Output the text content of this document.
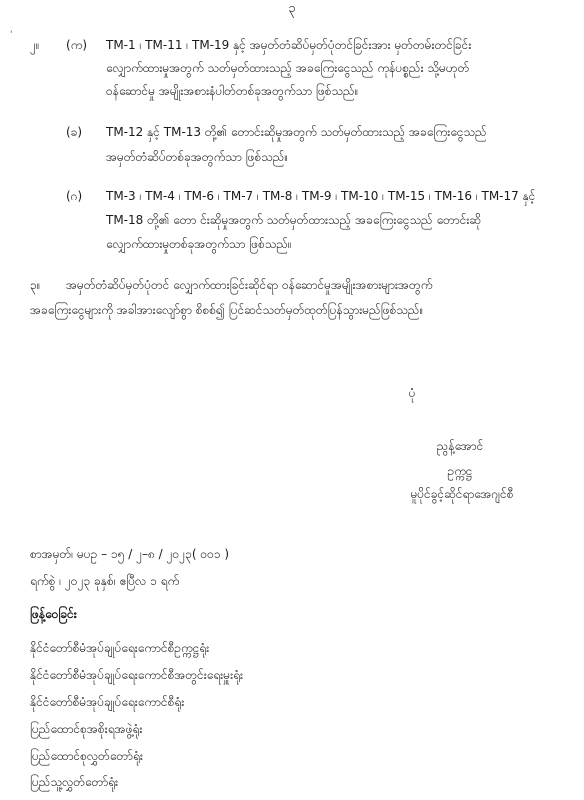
၃
'
၂။ (က) TM-1 ၊ TM-11 ၊ TM-19 နှင့် အမှတ်တံဆိပ်မှတ်ပုံတင်ခြင်းအား မှတ်တမ်းတင်ခြင်း
လျှောက်ထားမှုအတွက် သတ်မှတ်ထားသည့် အခကြေးငွေသည် ကုန်ပစ္စည်း သို့မဟုတ်
ဝန်ဆောင်မှု အမျိုးအစားနံပါတ်တစ်ခုအတွက်သာ ဖြစ်သည်။
(ခ) TM-12 နှင့် TM-13 တို့၏ တောင်းဆိုမှုအတွက် သတ်မှတ်ထားသည့် အခကြေးငွေသည်
အမှတ်တံဆိပ်တစ်ခုအတွက်သာ ဖြစ်သည်။
(ဂ) TM-3 ၊ TM-4 ၊ TM-6 ၊ TM-7 ၊ TM-8 ၊ TM-9 ၊ TM-10 ၊ TM-15 ၊ TM-16 ၊ TM-17 နှင့်
TM-18 တို့၏ တော င်းဆိုမှုအတွက် သတ်မှတ်ထားသည့် အခကြေးငွေသည် တောင်းဆို
လျှောက်ထားမှုတစ်ခုအတွက်သာ ဖြစ်သည်။
၃။ အမှတ်တံဆိပ်မှတ်ပုံတင် လျှောက်ထားခြင်းဆိုင်ရာ ဝန်ဆောင်မှုအမျိုးအစားများအတွက်
အခကြေးငွေများကို အခါအားလျော်စွာ စိစစ်၍ ပြင်ဆင်သတ်မှတ်ထုတ်ပြန်သွားမည်ဖြစ်သည်။
ပုံ
ညွန့်အောင်
ဥက္ကဋ္ဌ
မူပိုင်ခွင့်ဆိုင်ရာအေဂျင်စီ
စာအမှတ်၊ မပဥ – ၁၅ / ၂–၈ / ၂၀၂၃( ၀၀၁ )
ရက်စွဲ ၊ ၂၀၂၃ ခုနှစ်၊ ဧပြီလ ၁ ရက်
ဖြန့်ဝေခြင်း
နိုင်ငံတော်စီမံအုပ်ချုပ်ရေးကောင်စီဥက္ကဋ္ဌရုံး
နိုင်ငံတော်စီမံအုပ်ချုပ်ရေးကောင်စီအတွင်းရေးမှူးရုံး
နိုင်ငံတော်စီမံအုပ်ချုပ်ရေးကောင်စီရုံး
ပြည်ထောင်စုအစိုးရအဖွဲ့ရုံး
ပြည်ထောင်စုလွှတ်တော်ရုံး
ပြည်သူ့လွှတ်တော်ရုံး
